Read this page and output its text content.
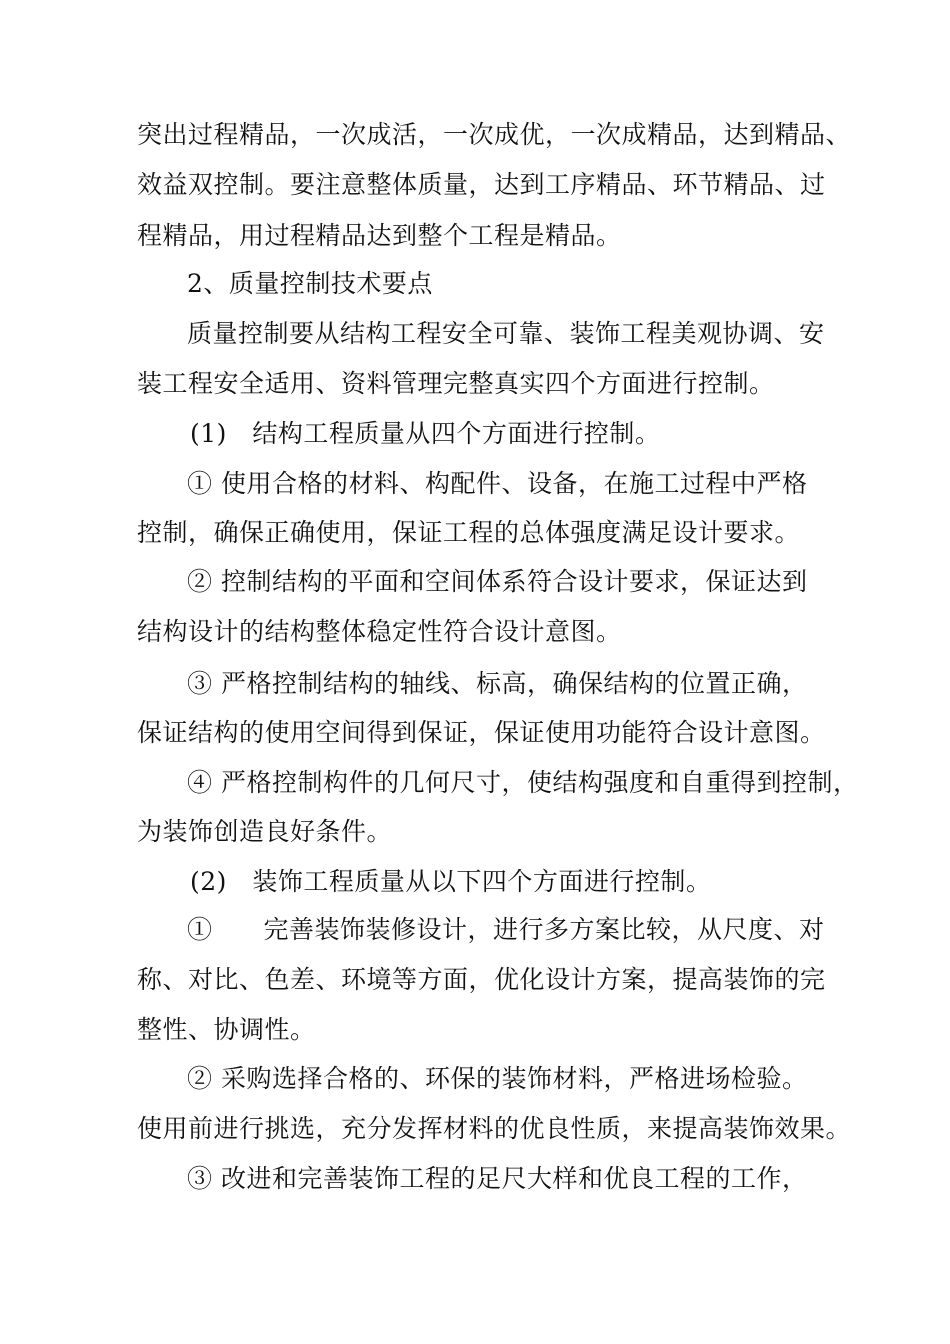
突出过程精品，一次成活，一次成优，一次成精品，达到精品、
效益双控制。要注意整体质量，达到工序精品、环节精品、过
程精品，用过程精品达到整个工程是精品。
2、质量控制技术要点
质量控制要从结构工程安全可靠、装饰工程美观协调、安
装工程安全适用、资料管理完整真实四个方面进行控制。
(1)　结构工程质量从四个方面进行控制。
① 使用合格的材料、构配件、设备，在施工过程中严格
控制，确保正确使用，保证工程的总体强度满足设计要求。
② 控制结构的平面和空间体系符合设计要求，保证达到
结构设计的结构整体稳定性符合设计意图。
③ 严格控制结构的轴线、标高，确保结构的位置正确，
保证结构的使用空间得到保证，保证使用功能符合设计意图。
④ 严格控制构件的几何尺寸，使结构强度和自重得到控制，
为装饰创造良好条件。
(2)　装饰工程质量从以下四个方面进行控制。
①　　完善装饰装修设计，进行多方案比较，从尺度、对
称、对比、色差、环境等方面，优化设计方案，提高装饰的完
整性、协调性。
② 采购选择合格的、环保的装饰材料，严格进场检验。
使用前进行挑选，充分发挥材料的优良性质，来提高装饰效果。
③ 改进和完善装饰工程的足尺大样和优良工程的工作，
